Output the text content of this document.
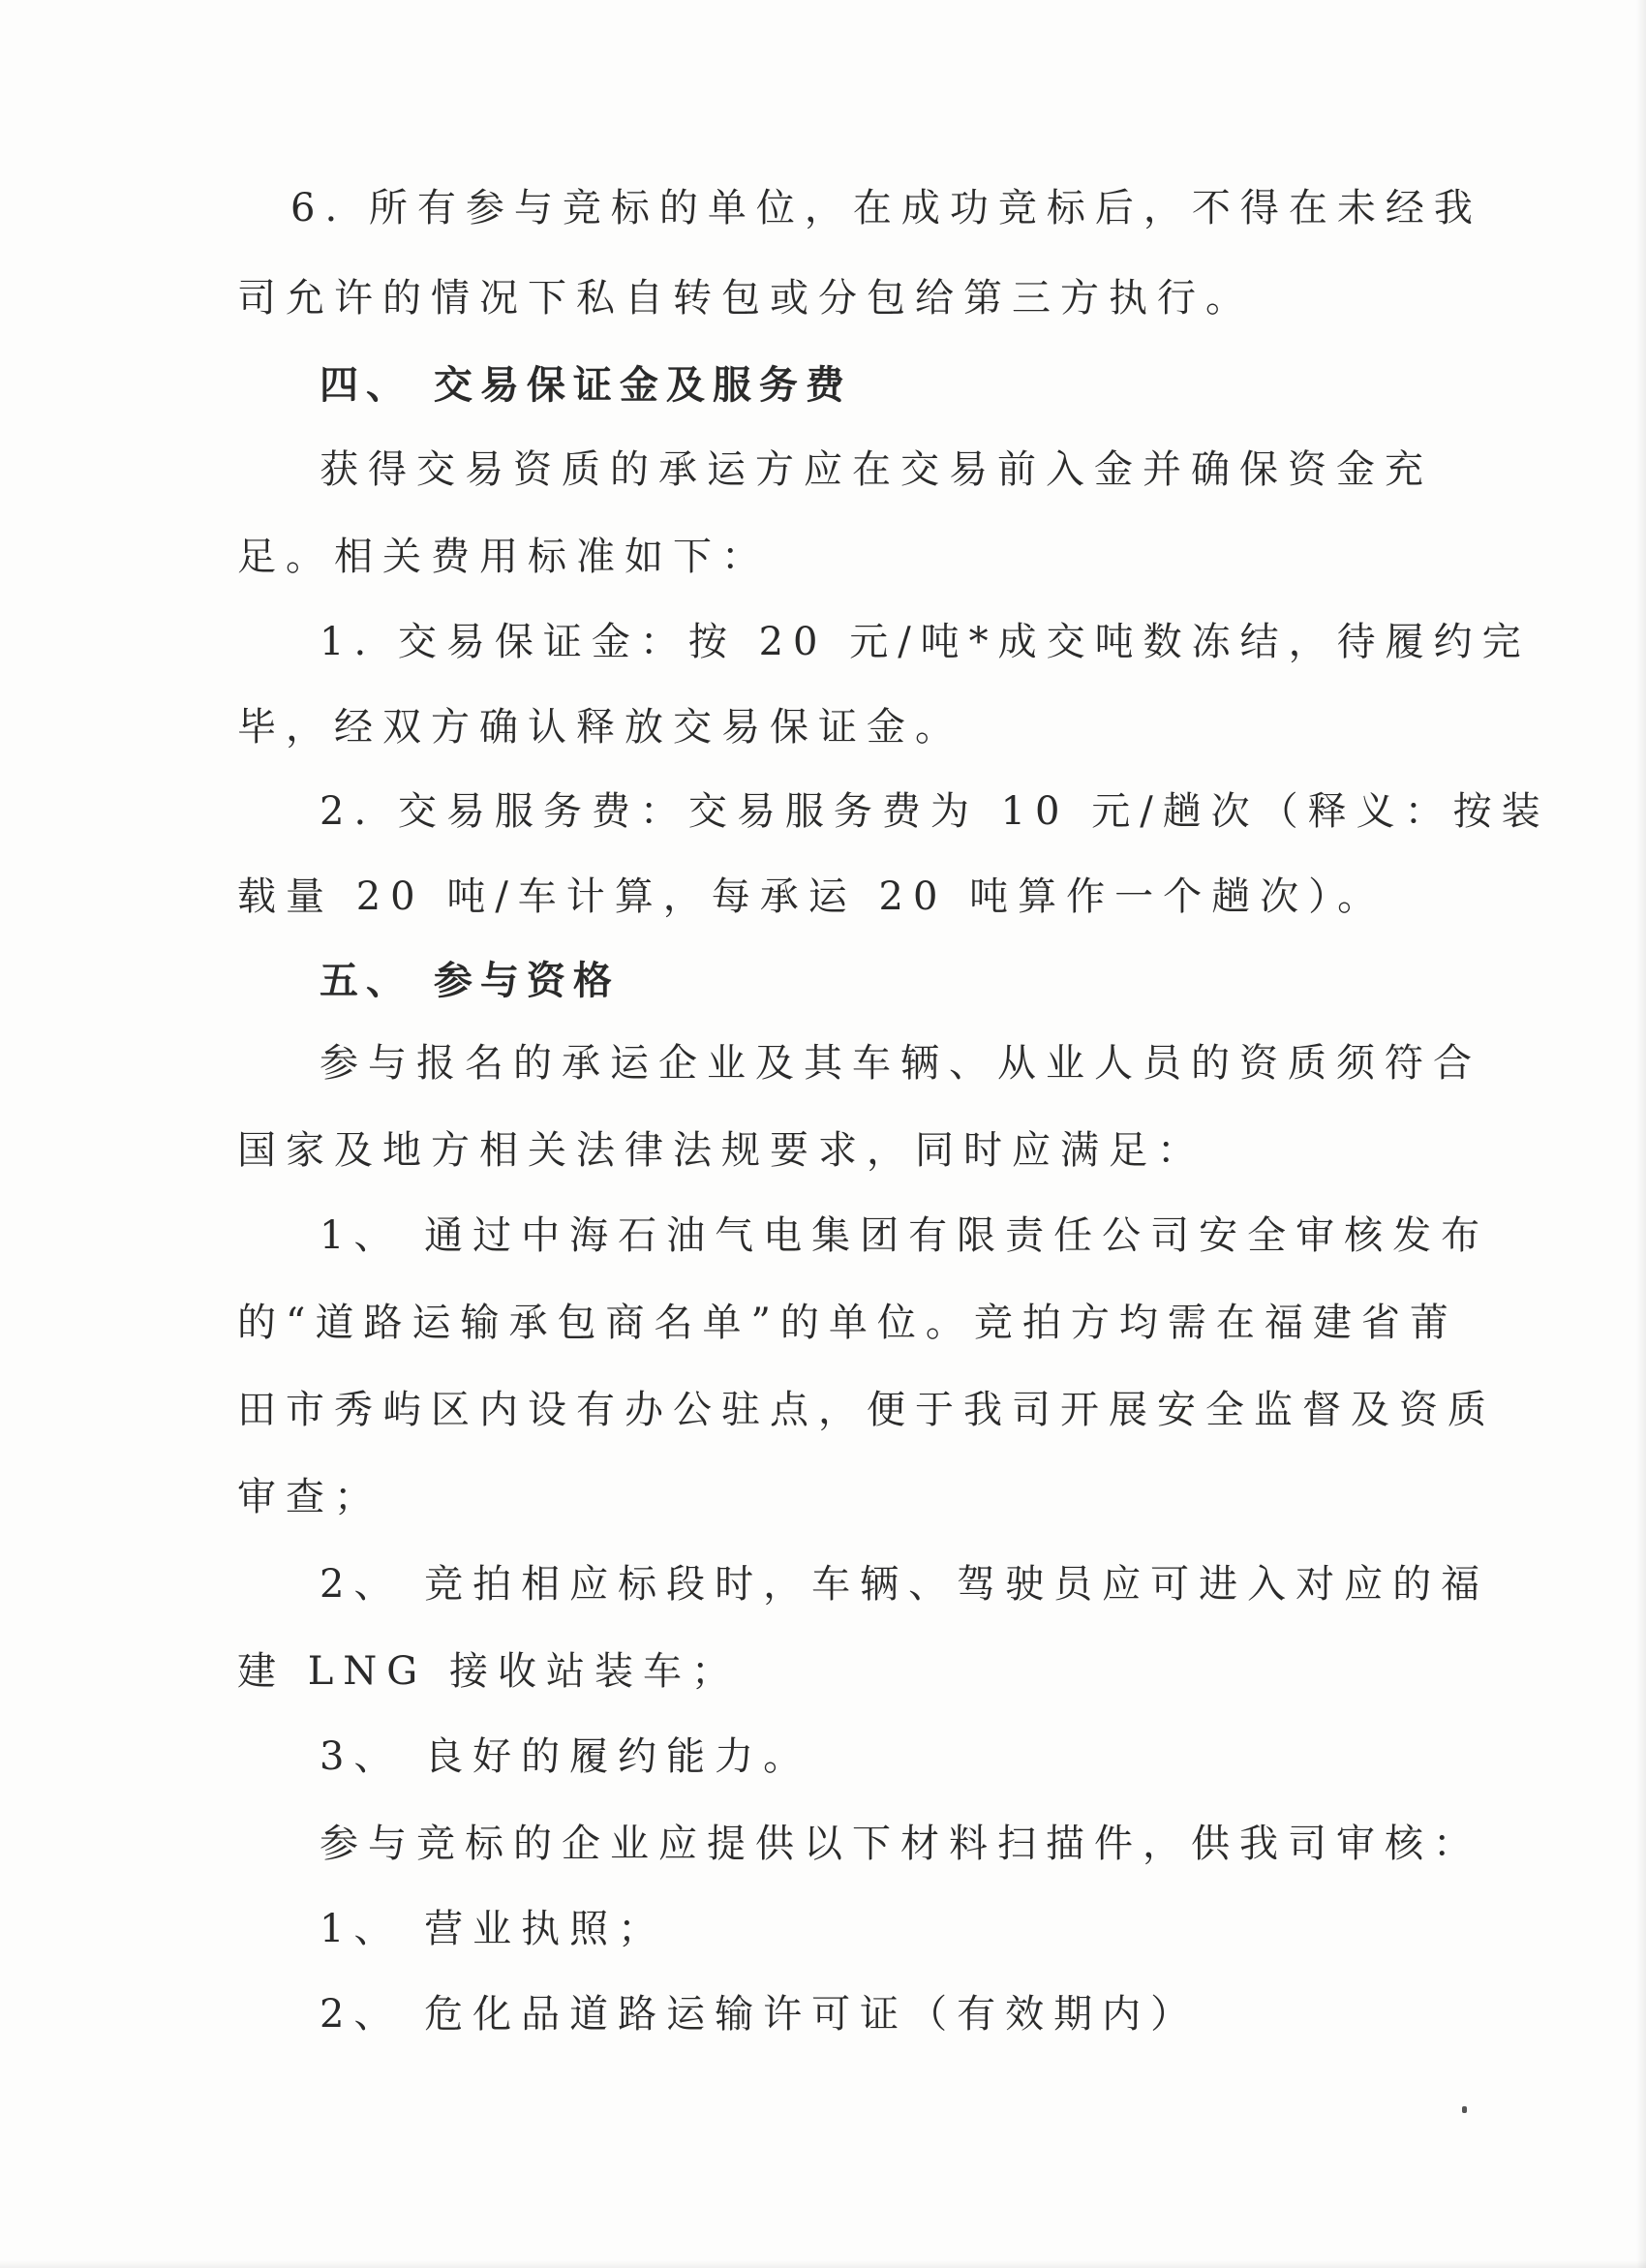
6. 所有参与竞标的单位，在成功竞标后，不得在未经我
司允许的情况下私自转包或分包给第三方执行。
四、 交易保证金及服务费
获得交易资质的承运方应在交易前入金并确保资金充
足。相关费用标准如下：
1. 交易保证金：按 20 元/吨*成交吨数冻结，待履约完
毕，经双方确认释放交易保证金。
2. 交易服务费：交易服务费为 10 元/趟次（释义：按装
载量 20 吨/车计算，每承运 20 吨算作一个趟次）。
五、 参与资格
参与报名的承运企业及其车辆、从业人员的资质须符合
国家及地方相关法律法规要求，同时应满足：
1、 通过中海石油气电集团有限责任公司安全审核发布
的“道路运输承包商名单”的单位。竞拍方均需在福建省莆
田市秀屿区内设有办公驻点，便于我司开展安全监督及资质
审查；
2、 竞拍相应标段时，车辆、驾驶员应可进入对应的福
建 LNG 接收站装车；
3、 良好的履约能力。
参与竞标的企业应提供以下材料扫描件，供我司审核：
1、 营业执照；
2、 危化品道路运输许可证（有效期内）
